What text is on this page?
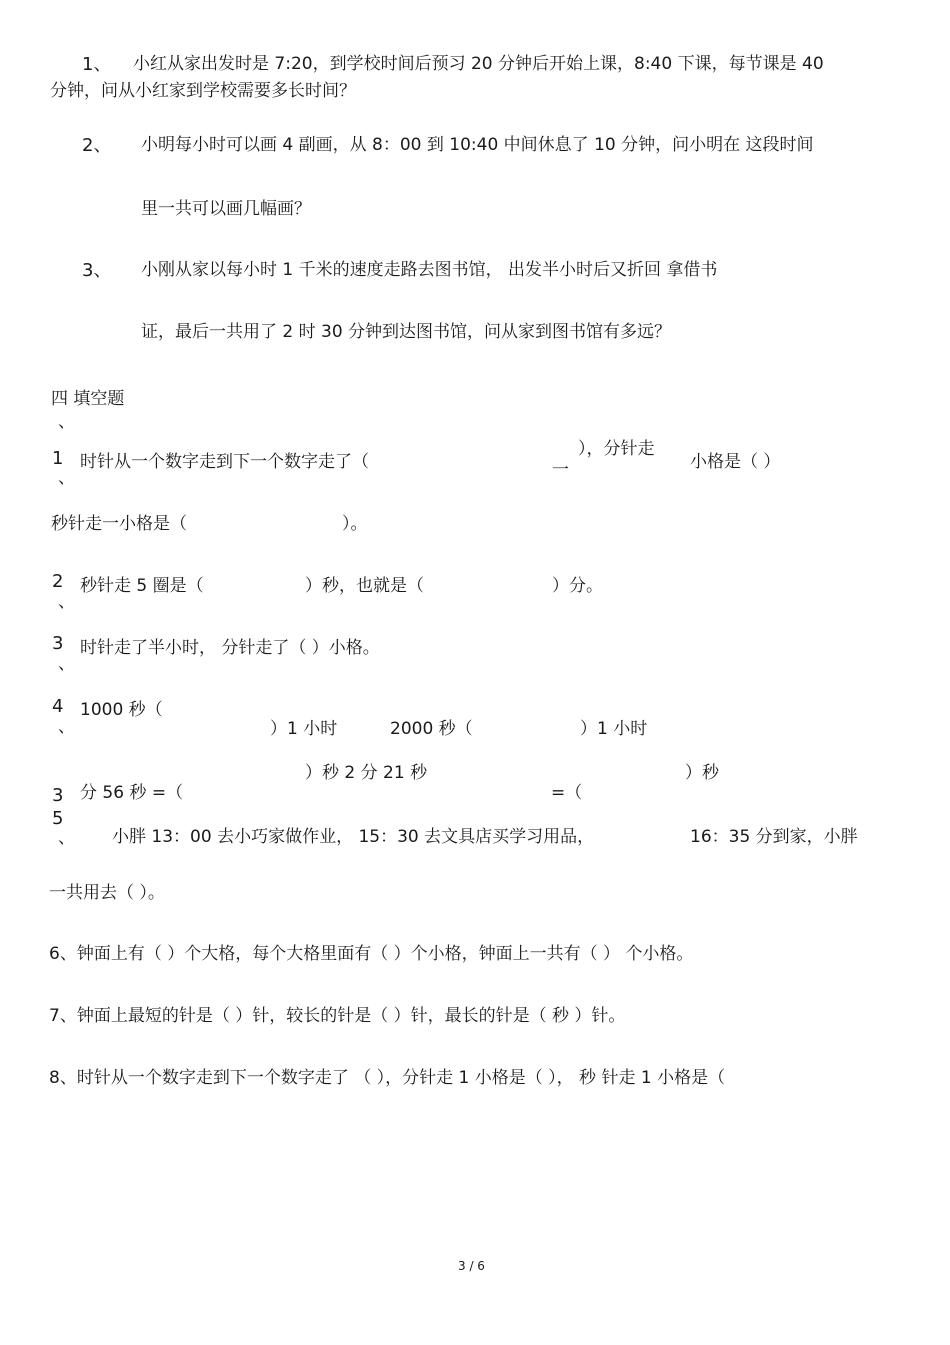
1、 小红从家出发时是 7:20，到学校时间后预习 20 分钟后开始上课，8:40 下课，每节课是 40
分钟，问从小红家到学校需要多长时间？
2、 小明每小时可以画 4 副画，从 8：00 到 10:40 中间休息了 10 分钟，问小明在 这段时间
里一共可以画几幅画？
3、 小刚从家以每小时 1 千米的速度走路去图书馆， 出发半小时后又折回 拿借书
证，最后一共用了 2 时 30 分钟到达图书馆，问从家到图书馆有多远？
四 填空题
、
1
、
时针从一个数字走到下一个数字走了（
），分针走
一	小格是（ ）
秒针走一小格是（	）。
2
、
秒针走 5 圈是（	）秒，也就是（	）分。
3
、
时针走了半小时， 分针走了（ ）小格。
4
、
1000 秒（
）1 小时	2000 秒（	）1 小时
）秒 2 分 21 秒	）秒
3 分 56 秒 =（	=（
5
、 小胖 13：00 去小巧家做作业， 15：30 去文具店买学习用品，	16：35 分到家，小胖
一共用去（ ）。
6、钟面上有（ ）个大格，每个大格里面有（ ）个小格，钟面上一共有（ ） 个小格。
7、钟面上最短的针是（ ）针，较长的针是（ ）针，最长的针是（ 秒 ）针。
8、时针从一个数字走到下一个数字走了 （ ），分针走 1 小格是（ ）， 秒 针走 1 小格是（
3 / 6
